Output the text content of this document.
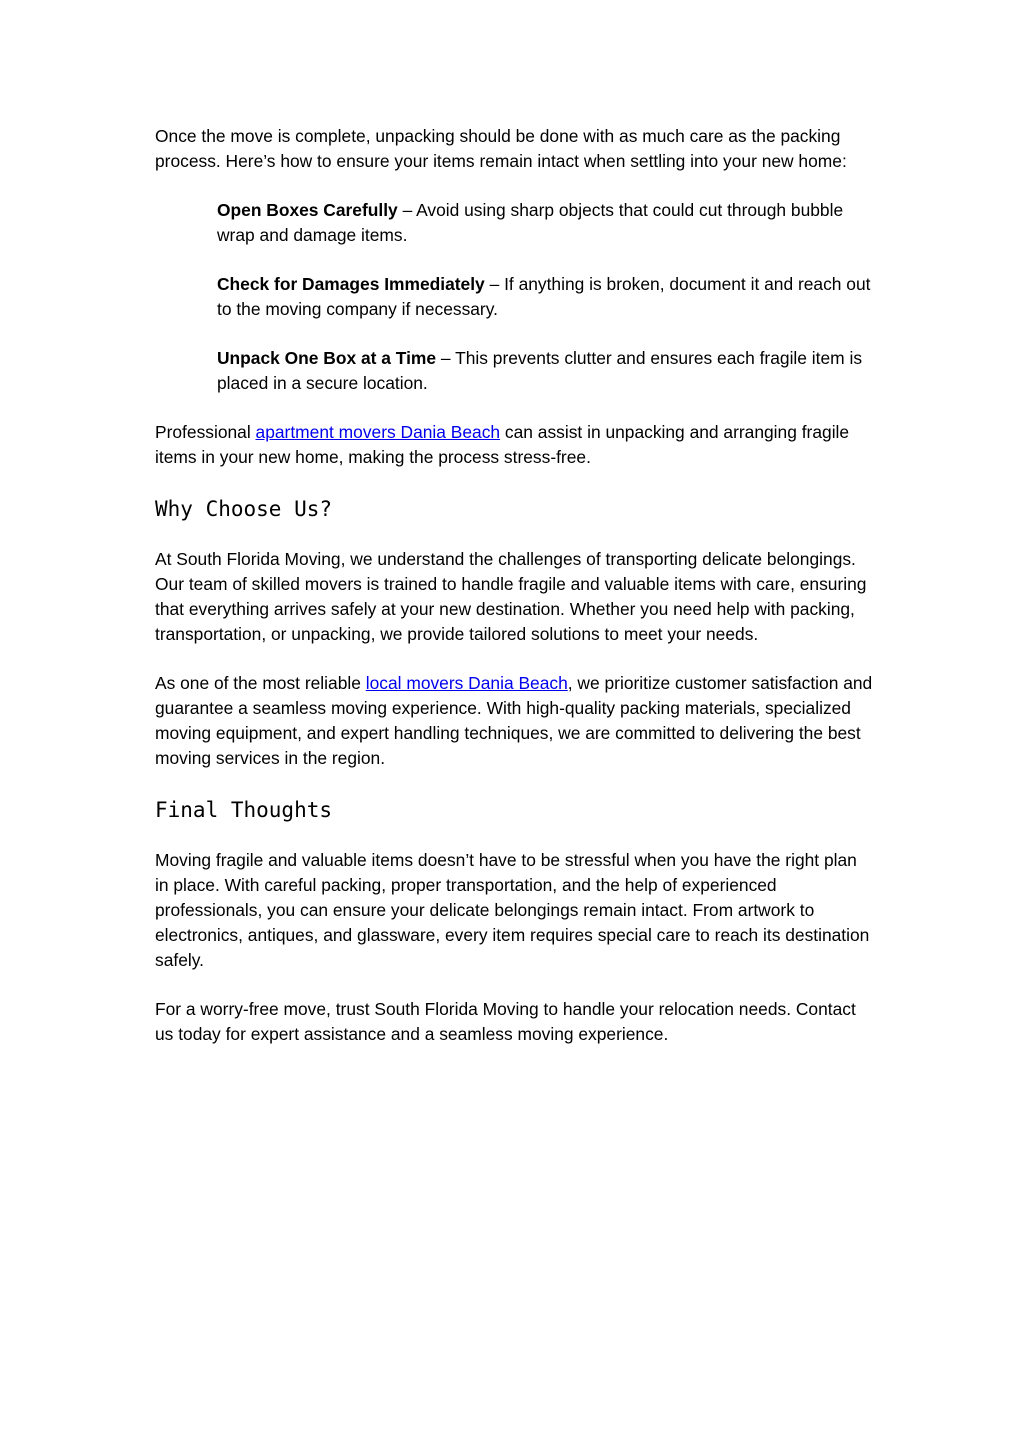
Once the move is complete, unpacking should be done with as much care as the packing process. Here’s how to ensure your items remain intact when settling into your new home:

Open Boxes Carefully – Avoid using sharp objects that could cut through bubble wrap and damage items.

Check for Damages Immediately – If anything is broken, document it and reach out to the moving company if necessary.

Unpack One Box at a Time – This prevents clutter and ensures each fragile item is placed in a secure location.

Professional apartment movers Dania Beach can assist in unpacking and arranging fragile items in your new home, making the process stress-free.

Why Choose Us?

At South Florida Moving, we understand the challenges of transporting delicate belongings. Our team of skilled movers is trained to handle fragile and valuable items with care, ensuring that everything arrives safely at your new destination. Whether you need help with packing, transportation, or unpacking, we provide tailored solutions to meet your needs.

As one of the most reliable local movers Dania Beach, we prioritize customer satisfaction and guarantee a seamless moving experience. With high-quality packing materials, specialized moving equipment, and expert handling techniques, we are committed to delivering the best moving services in the region.

Final Thoughts

Moving fragile and valuable items doesn’t have to be stressful when you have the right plan in place. With careful packing, proper transportation, and the help of experienced professionals, you can ensure your delicate belongings remain intact. From artwork to electronics, antiques, and glassware, every item requires special care to reach its destination safely.

For a worry-free move, trust South Florida Moving to handle your relocation needs. Contact us today for expert assistance and a seamless moving experience.
